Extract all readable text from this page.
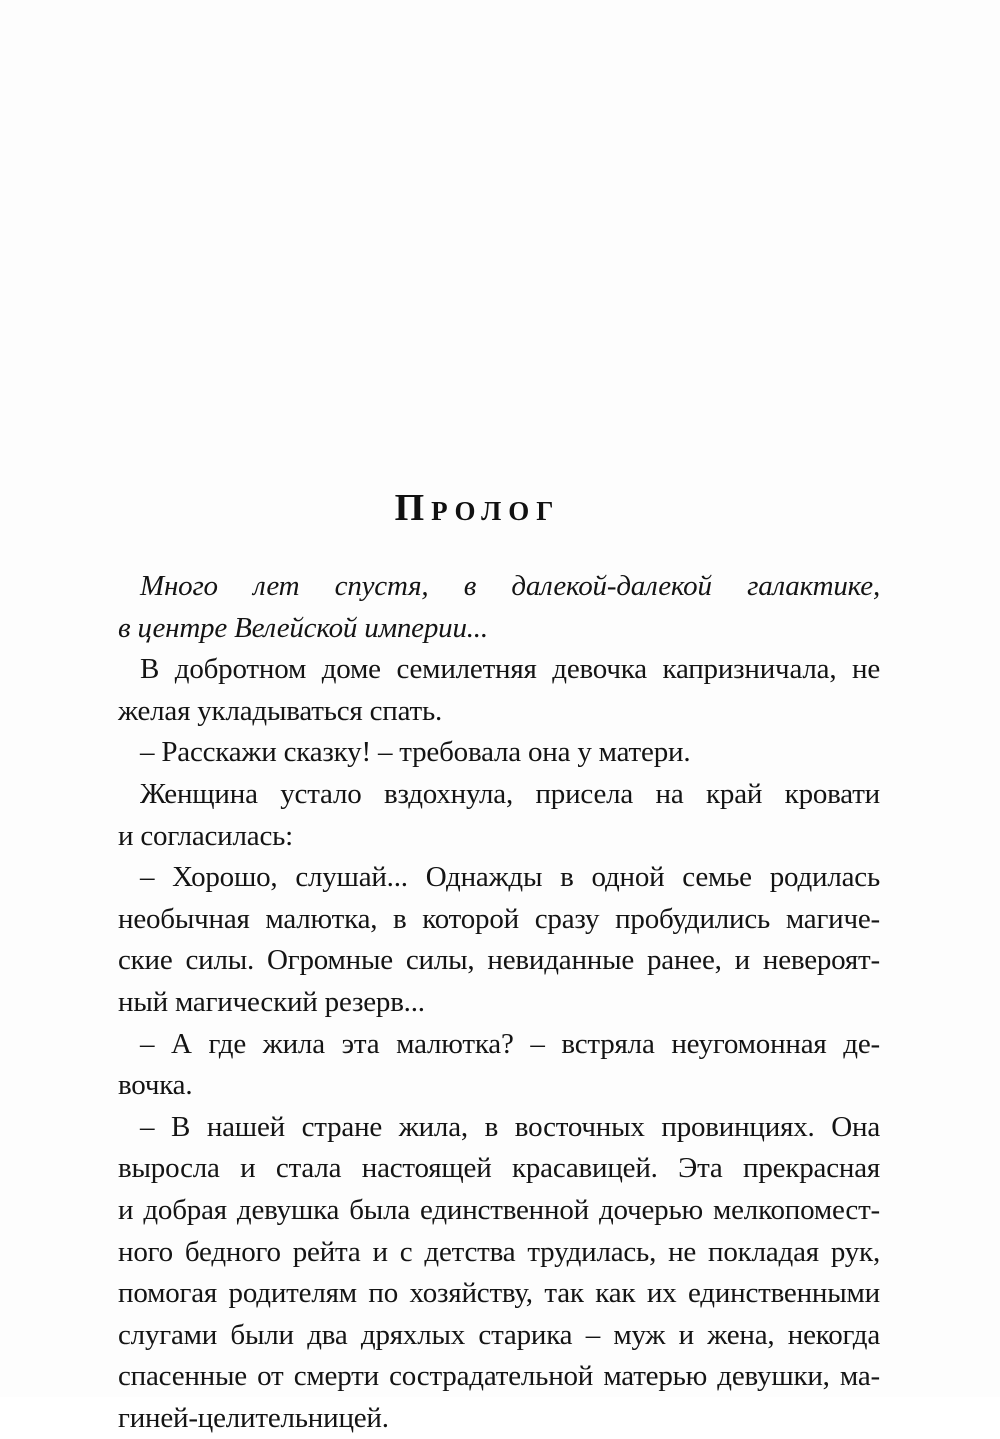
ПРОЛОГ
Много лет спустя, в далекой-далекой галактике,
в центре Велейской империи...
В добротном доме семилетняя девочка капризничала, не
желая укладываться спать.
– Расскажи сказку! – требовала она у матери.
Женщина устало вздохнула, присела на край кровати
и согласилась:
– Хорошо, слушай... Однажды в одной семье родилась
необычная малютка, в которой сразу пробудились магиче-
ские силы. Огромные силы, невиданные ранее, и невероят-
ный магический резерв...
– А где жила эта малютка? – встряла неугомонная де-
вочка.
– В нашей стране жила, в восточных провинциях. Она
выросла и стала настоящей красавицей. Эта прекрасная
и добрая девушка была единственной дочерью мелкопомест-
ного бедного рейта и с детства трудилась, не покладая рук,
помогая родителям по хозяйству, так как их единственными
слугами были два дряхлых старика – муж и жена, некогда
спасенные от смерти сострадательной матерью девушки, ма-
гиней-целительницей.
